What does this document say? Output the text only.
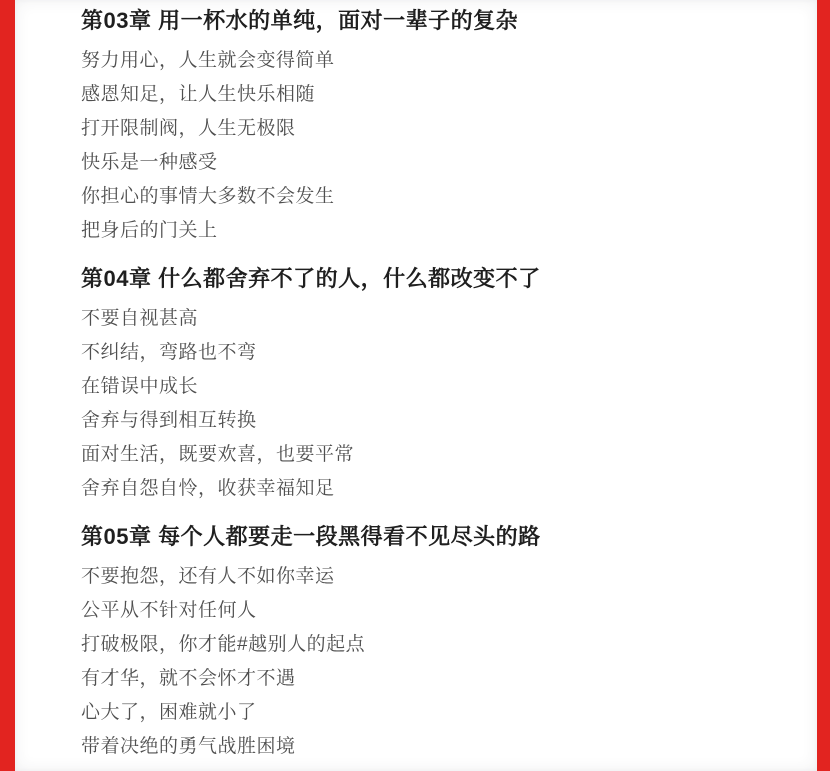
第03章 用一杯水的单纯，面对一辈子的复杂

努力用心，人生就会变得简单

感恩知足，让人生快乐相随

打开限制阀，人生无极限

快乐是一种感受

你担心的事情大多数不会发生

把身后的门关上

第04章 什么都舍弃不了的人，什么都改变不了

不要自视甚高

不纠结，弯路也不弯

在错误中成长

舍弃与得到相互转换

面对生活，既要欢喜，也要平常

舍弃自怨自怜，收获幸福知足

第05章 每个人都要走一段黑得看不见尽头的路

不要抱怨，还有人不如你幸运

公平从不针对任何人

打破极限，你才能#越别人的起点

有才华，就不会怀才不遇

心大了，困难就小了

带着决绝的勇气战胜困境
